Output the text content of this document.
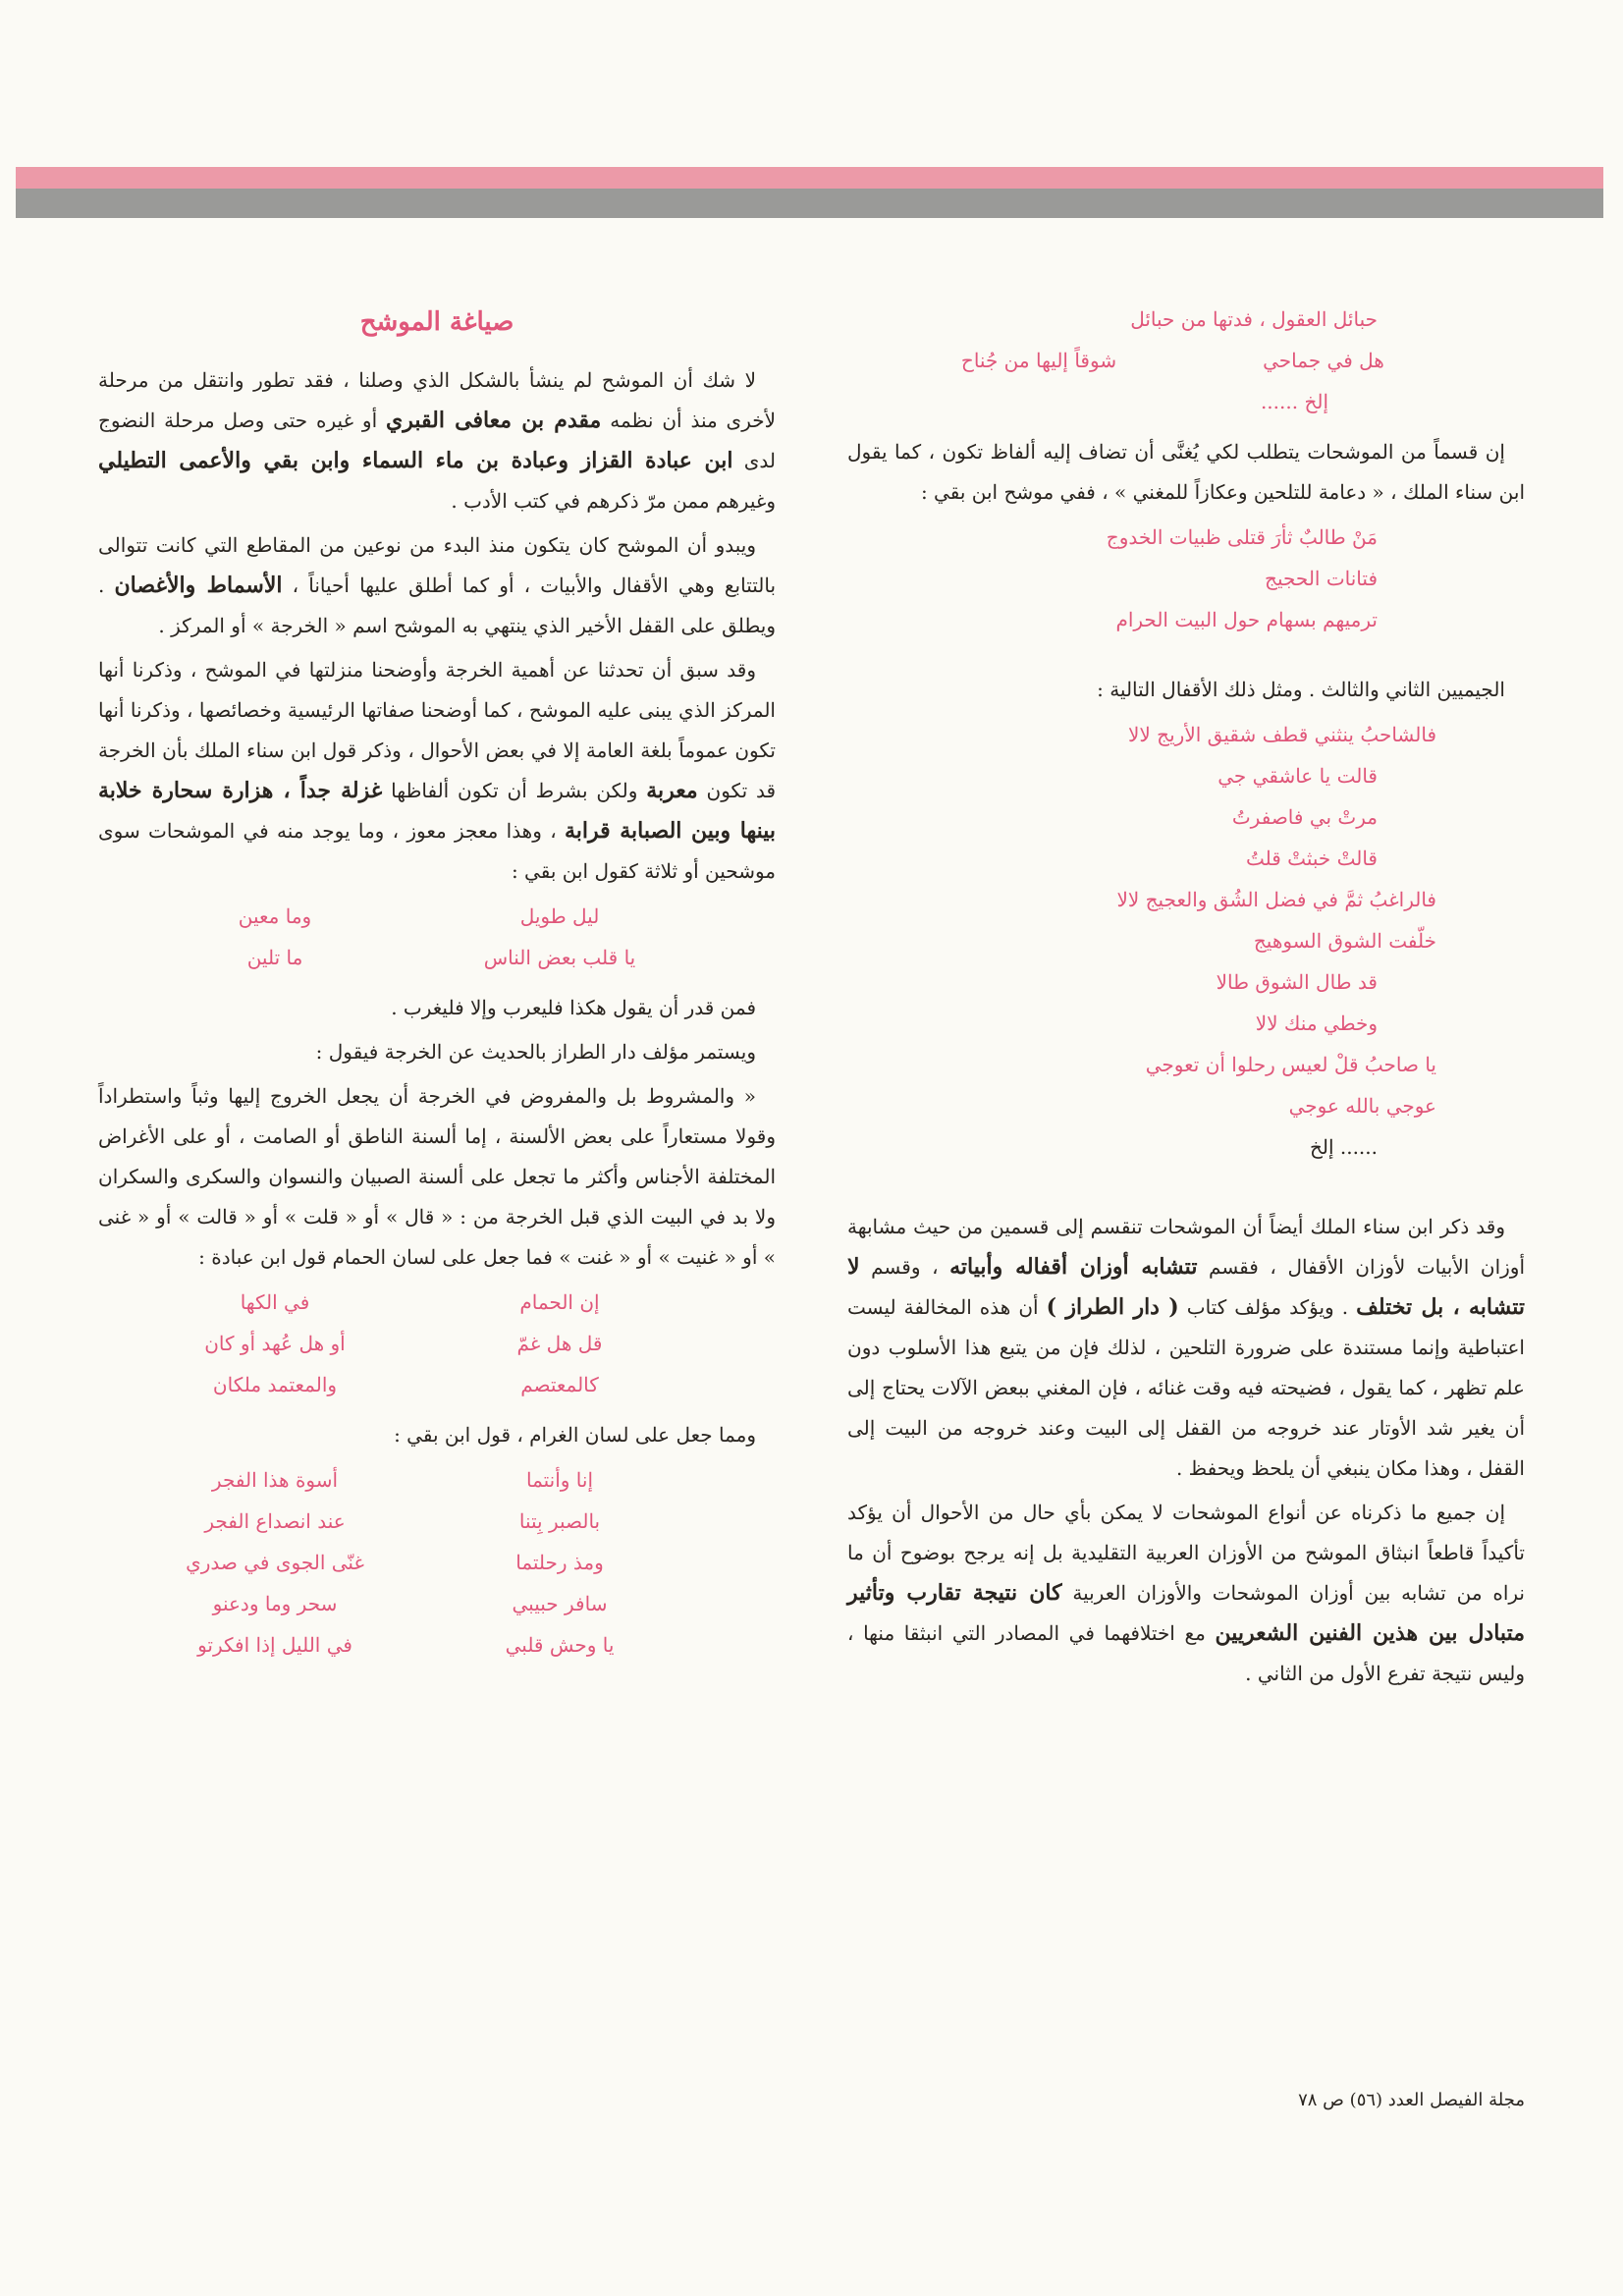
حبائل العقول ، فدتها من حبائل
هل في جماحي
شوقاً إليها من جُناح
إلخ ......

إن قسماً من الموشحات يتطلب لكي يُغنَّى أن تضاف إليه ألفاظ تكون ، كما يقول ابن سناء الملك ، « دعامة للتلحين وعكازاً للمغني » ، ففي موشح ابن بقي :

مَنْ طالبٌ ثأرَ قتلى ظبيات الخدوج
فتانات الحجيج
ترميهم بسهام حول البيت الحرام

الجيميين الثاني والثالث . ومثل ذلك الأقفال التالية :

فالشاحبُ ينثني قطف شقيق الأريج لالا
قالت يا عاشقي جي
مرتْ بي فاصفرتُ
قالتْ خبثتْ قلتُ
فالراغبُ ثمَّ في فضل الشُق والعجيج لالا
خلّفت الشوق السوهيج
قد طال الشوق طالا
وخطي منك لالا
يا صاحبُ قلْ لعيس رحلوا أن تعوجي
عوجي بالله عوجي
...... إلخ

وقد ذكر ابن سناء الملك أيضاً أن الموشحات تنقسم إلى قسمين من حيث مشابهة أوزان الأبيات لأوزان الأقفال ، فقسم تتشابه أوزان أقفاله وأبياته ، وقسم لا تتشابه ، بل تختلف . ويؤكد مؤلف كتاب ( دار الطراز ) أن هذه المخالفة ليست اعتباطية وإنما مستندة على ضرورة التلحين ، لذلك فإن من يتبع هذا الأسلوب دون علم تظهر ، كما يقول ، فضيحته فيه وقت غنائه ، فإن المغني ببعض الآلات يحتاج إلى أن يغير شد الأوتار عند خروجه من القفل إلى البيت وعند خروجه من البيت إلى القفل ، وهذا مكان ينبغي أن يلحظ ويحفظ .

إن جميع ما ذكرناه عن أنواع الموشحات لا يمكن بأي حال من الأحوال أن يؤكد تأكيداً قاطعاً انبثاق الموشح من الأوزان العربية التقليدية بل إنه يرجح بوضوح أن ما نراه من تشابه بين أوزان الموشحات والأوزان العربية كان نتيجة تقارب وتأثير متبادل بين هذين الفنين الشعريين مع اختلافهما في المصادر التي انبثقا منها ، وليس نتيجة تفرع الأول من الثاني .

صياغة الموشح

لا شك أن الموشح لم ينشأ بالشكل الذي وصلنا ، فقد تطور وانتقل من مرحلة لأخرى منذ أن نظمه مقدم بن معافى القبري أو غيره حتى وصل مرحلة النضوج لدى ابن عبادة القزاز وعبادة بن ماء السماء وابن بقي والأعمى التطيلي وغيرهم ممن مرّ ذكرهم في كتب الأدب .

ويبدو أن الموشح كان يتكون منذ البدء من نوعين من المقاطع التي كانت تتوالى بالتتابع وهي الأقفال والأبيات ، أو كما أطلق عليها أحياناً ، الأسماط والأغصان . ويطلق على القفل الأخير الذي ينتهي به الموشح اسم « الخرجة » أو المركز .

وقد سبق أن تحدثنا عن أهمية الخرجة وأوضحنا منزلتها في الموشح ، وذكرنا أنها المركز الذي يبنى عليه الموشح ، كما أوضحنا صفاتها الرئيسية وخصائصها ، وذكرنا أنها تكون عموماً بلغة العامة إلا في بعض الأحوال ، وذكر قول ابن سناء الملك بأن الخرجة قد تكون معربة ولكن بشرط أن تكون ألفاظها غزلة جداً ، هزارة سحارة خلابة بينها وبين الصبابة قرابة ، وهذا معجز معوز ، وما يوجد منه في الموشحات سوى موشحين أو ثلاثة كقول ابن بقي :

ليل طويل
وما معين
يا قلب بعض الناس
ما تلين

فمن قدر أن يقول هكذا فليعرب وإلا فليغرب .

ويستمر مؤلف دار الطراز بالحديث عن الخرجة فيقول :

« والمشروط بل والمفروض في الخرجة أن يجعل الخروج إليها وثباً واستطراداً وقولا مستعاراً على بعض الألسنة ، إما ألسنة الناطق أو الصامت ، أو على الأغراض المختلفة الأجناس وأكثر ما تجعل على ألسنة الصبيان والنسوان والسكرى والسكران ولا بد في البيت الذي قبل الخرجة من : « قال » أو « قلت » أو « قالت » أو « غنى » أو « غنيت » أو « غنت » فما جعل على لسان الحمام قول ابن عبادة :

إن الحمام
في الكها
قل هل غمّ
أو هل عُهد أو كان
كالمعتصم
والمعتمد ملكان

ومما جعل على لسان الغرام ، قول ابن بقي :

إنا وأنتما
أسوة هذا الفجر
بالصبر بِتنا
عند انصداع الفجر
ومذ رحلتما
غنّى الجوى في صدري
سافر حبيبي
سحر وما ودعنو
يا وحش قلبي
في الليل إذا افكرتو
مجلة الفيصل العدد (٥٦) ص ٧٨
